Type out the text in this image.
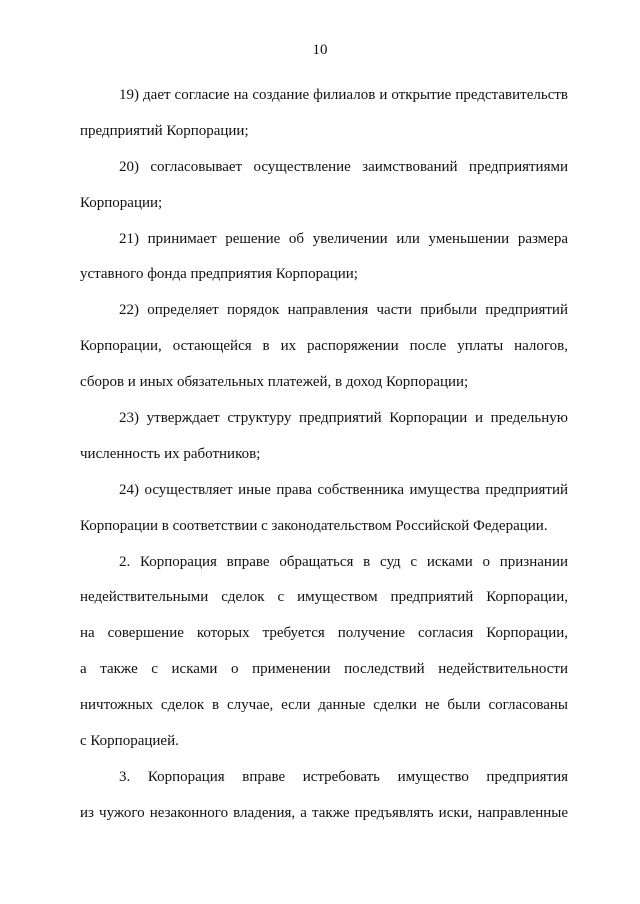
10
19) дает согласие на создание филиалов и открытие представительств
предприятий Корпорации;
20) согласовывает осуществление заимствований предприятиями
Корпорации;
21) принимает решение об увеличении или уменьшении размера
уставного фонда предприятия Корпорации;
22) определяет порядок направления части прибыли предприятий
Корпорации, остающейся в их распоряжении после уплаты налогов,
сборов и иных обязательных платежей, в доход Корпорации;
23) утверждает структуру предприятий Корпорации и предельную
численность их работников;
24) осуществляет иные права собственника имущества предприятий
Корпорации в соответствии с законодательством Российской Федерации.
2. Корпорация вправе обращаться в суд с исками о признании
недействительными сделок с имуществом предприятий Корпорации,
на совершение которых требуется получение согласия Корпорации,
а также с исками о применении последствий недействительности
ничтожных сделок в случае, если данные сделки не были согласованы
с Корпорацией.
3. Корпорация вправе истребовать имущество предприятия
из чужого незаконного владения, а также предъявлять иски, направленные
